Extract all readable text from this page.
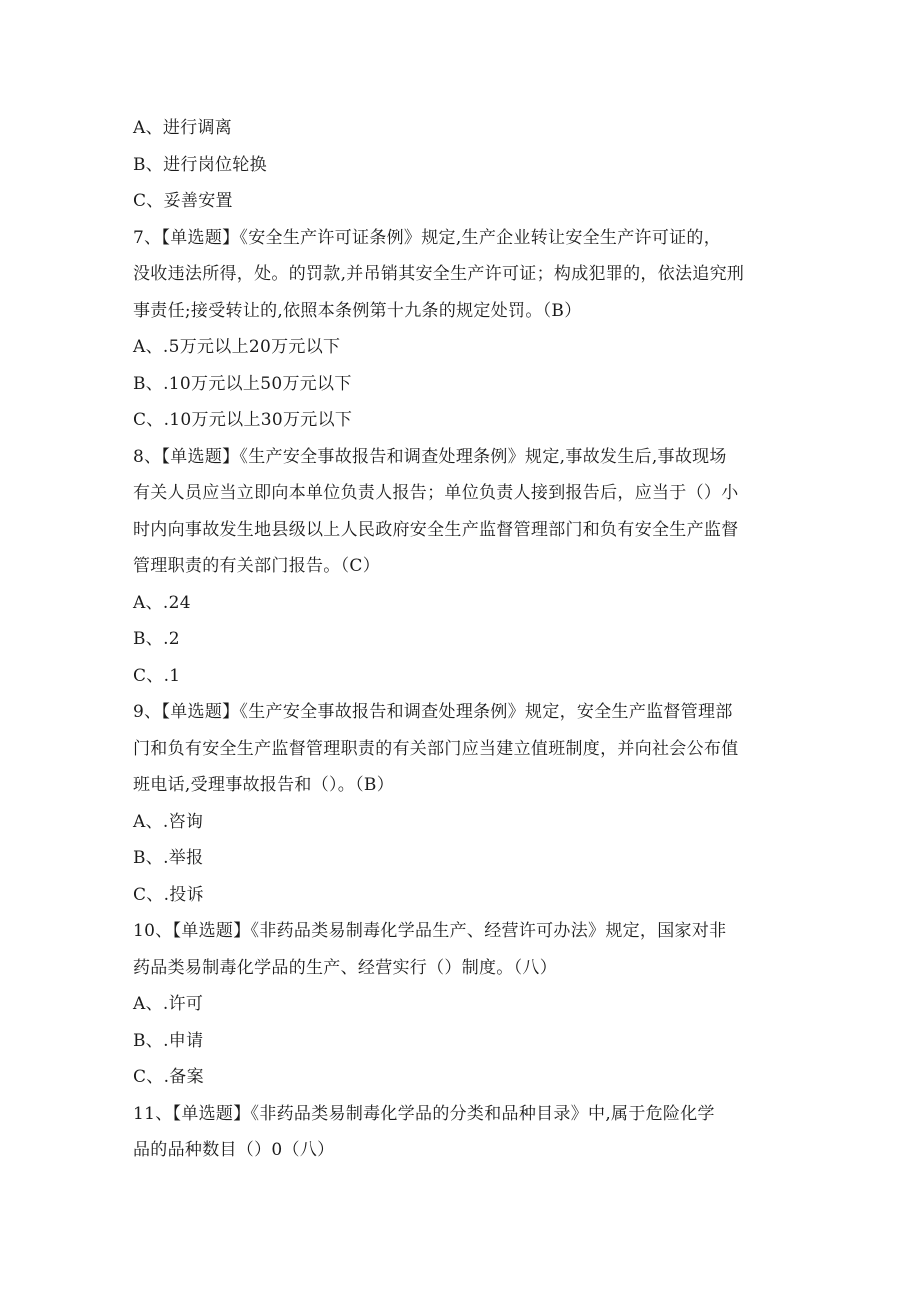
A、进行调离
B、进行岗位轮换
C、妥善安置
7、【单选题】《安全生产许可证条例》规定,生产企业转让安全生产许可证的，
没收违法所得，处。的罚款,并吊销其安全生产许可证；构成犯罪的，依法追究刑
事责任;接受转让的,依照本条例第十九条的规定处罚。（B）
A、.5万元以上20万元以下
B、.10万元以上50万元以下
C、.10万元以上30万元以下
8、【单选题】《生产安全事故报告和调查处理条例》规定,事故发生后,事故现场
有关人员应当立即向本单位负责人报告；单位负责人接到报告后，应当于（）小
时内向事故发生地县级以上人民政府安全生产监督管理部门和负有安全生产监督
管理职责的有关部门报告。（C）
A、.24
B、.2
C、.1
9、【单选题】《生产安全事故报告和调查处理条例》规定，安全生产监督管理部
门和负有安全生产监督管理职责的有关部门应当建立值班制度，并向社会公布值
班电话,受理事故报告和（）。（B）
A、.咨询
B、.举报
C、.投诉
10、【单选题】《非药品类易制毒化学品生产、经营许可办法》规定，国家对非
药品类易制毒化学品的生产、经营实行（）制度。（八）
A、.许可
B、.申请
C、.备案
11、【单选题】《非药品类易制毒化学品的分类和品种目录》中,属于危险化学
品的品种数目（）0（八）
